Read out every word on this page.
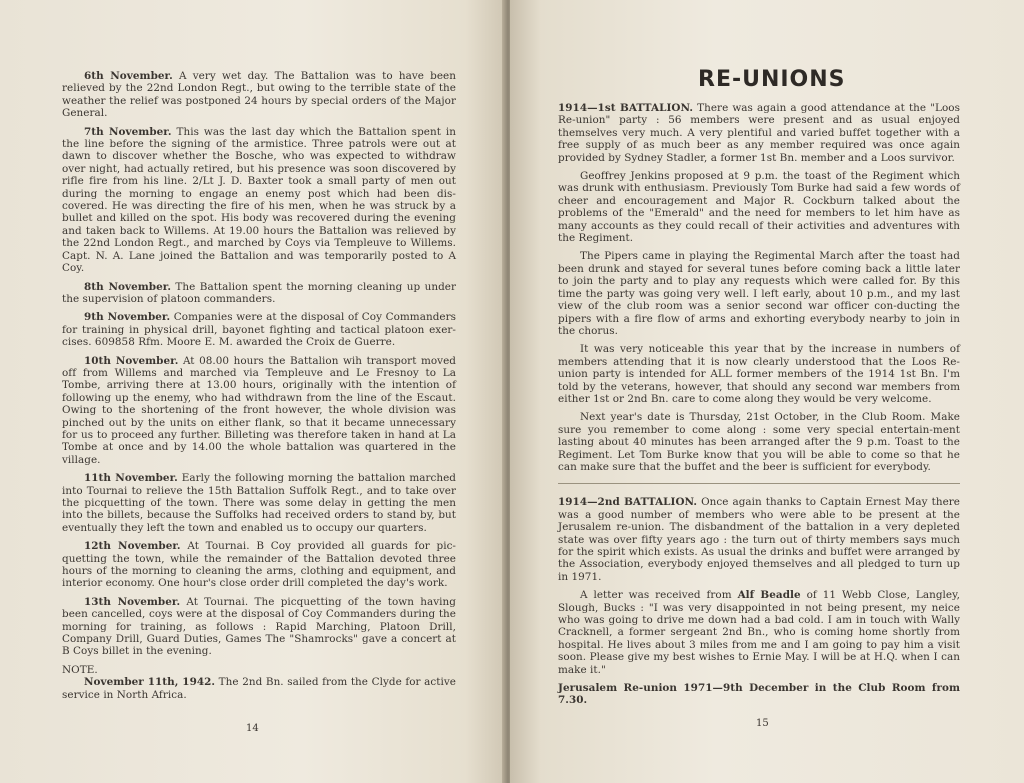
6th November. A very wet day. The Battalion was to have been relieved by the 22nd London Regt., but owing to the terrible state of the weather the relief was postponed 24 hours by special orders of the Major General.

7th November. This was the last day which the Battalion spent in the line before the signing of the armistice. Three patrols were out at dawn to discover whether the Bosche, who was expected to withdraw over night, had actually retired, but his presence was soon discovered by rifle fire from his line. 2/Lt J. D. Baxter took a small party of men out during the morning to engage an enemy post which had been dis-covered. He was directing the fire of his men, when he was struck by a bullet and killed on the spot. His body was recovered during the evening and taken back to Willems. At 19.00 hours the Battalion was relieved by the 22nd London Regt., and marched by Coys via Templeuve to Willems. Capt. N. A. Lane joined the Battalion and was temporarily posted to A Coy.

8th November. The Battalion spent the morning cleaning up under the supervision of platoon commanders.

9th November. Companies were at the disposal of Coy Commanders for training in physical drill, bayonet fighting and tactical platoon exer-cises. 609858 Rfm. Moore E. M. awarded the Croix de Guerre.

10th November. At 08.00 hours the Battalion wih transport moved off from Willems and marched via Templeuve and Le Fresnoy to La Tombe, arriving there at 13.00 hours, originally with the intention of following up the enemy, who had withdrawn from the line of the Escaut. Owing to the shortening of the front however, the whole division was pinched out by the units on either flank, so that it became unnecessary for us to proceed any further. Billeting was therefore taken in hand at La Tombe at once and by 14.00 the whole battalion was quartered in the village.

11th November. Early the following morning the battalion marched into Tournai to relieve the 15th Battalion Suffolk Regt., and to take over the picquetting of the town. There was some delay in getting the men into the billets, because the Suffolks had received orders to stand by, but eventually they left the town and enabled us to occupy our quarters.

12th November. At Tournai. B Coy provided all guards for pic-quetting the town, while the remainder of the Battalion devoted three hours of the morning to cleaning the arms, clothing and equipment, and interior economy. One hour's close order drill completed the day's work.

13th November. At Tournai. The picquetting of the town having been cancelled, coys were at the disposal of Coy Commanders during the morning for training, as follows : Rapid Marching, Platoon Drill, Company Drill, Guard Duties, Games The "Shamrocks" gave a concert at B Coys billet in the evening.

NOTE.

November 11th, 1942. The 2nd Bn. sailed from the Clyde for active service in North Africa.

14
RE-UNIONS

1914—1st BATTALION. There was again a good attendance at the "Loos Re-union" party : 56 members were present and as usual enjoyed themselves very much. A very plentiful and varied buffet together with a free supply of as much beer as any member required was once again provided by Sydney Stadler, a former 1st Bn. member and a Loos survivor.

Geoffrey Jenkins proposed at 9 p.m. the toast of the Regiment which was drunk with enthusiasm. Previously Tom Burke had said a few words of cheer and encouragement and Major R. Cockburn talked about the problems of the "Emerald" and the need for members to let him have as many accounts as they could recall of their activities and adventures with the Regiment.

The Pipers came in playing the Regimental March after the toast had been drunk and stayed for several tunes before coming back a little later to join the party and to play any requests which were called for. By this time the party was going very well. I left early, about 10 p.m., and my last view of the club room was a senior second war officer con-ducting the pipers with a fire flow of arms and exhorting everybody nearby to join in the chorus.

It was very noticeable this year that by the increase in numbers of members attending that it is now clearly understood that the Loos Re-union party is intended for ALL former members of the 1914 1st Bn. I'm told by the veterans, however, that should any second war members from either 1st or 2nd Bn. care to come along they would be very welcome.

Next year's date is Thursday, 21st October, in the Club Room. Make sure you remember to come along : some very special entertain-ment lasting about 40 minutes has been arranged after the 9 p.m. Toast to the Regiment. Let Tom Burke know that you will be able to come so that he can make sure that the buffet and the beer is sufficient for everybody.

1914—2nd BATTALION. Once again thanks to Captain Ernest May there was a good number of members who were able to be present at the Jerusalem re-union. The disbandment of the battalion in a very depleted state was over fifty years ago : the turn out of thirty members says much for the spirit which exists. As usual the drinks and buffet were arranged by the Association, everybody enjoyed themselves and all pledged to turn up in 1971.

A letter was received from Alf Beadle of 11 Webb Close, Langley, Slough, Bucks : "I was very disappointed in not being present, my neice who was going to drive me down had a bad cold. I am in touch with Wally Cracknell, a former sergeant 2nd Bn., who is coming home shortly from hospital. He lives about 3 miles from me and I am going to pay him a visit soon. Please give my best wishes to Ernie May. I will be at H.Q. when I can make it."

Jerusalem Re-union 1971—9th December in the Club Room from 7.30.

15
